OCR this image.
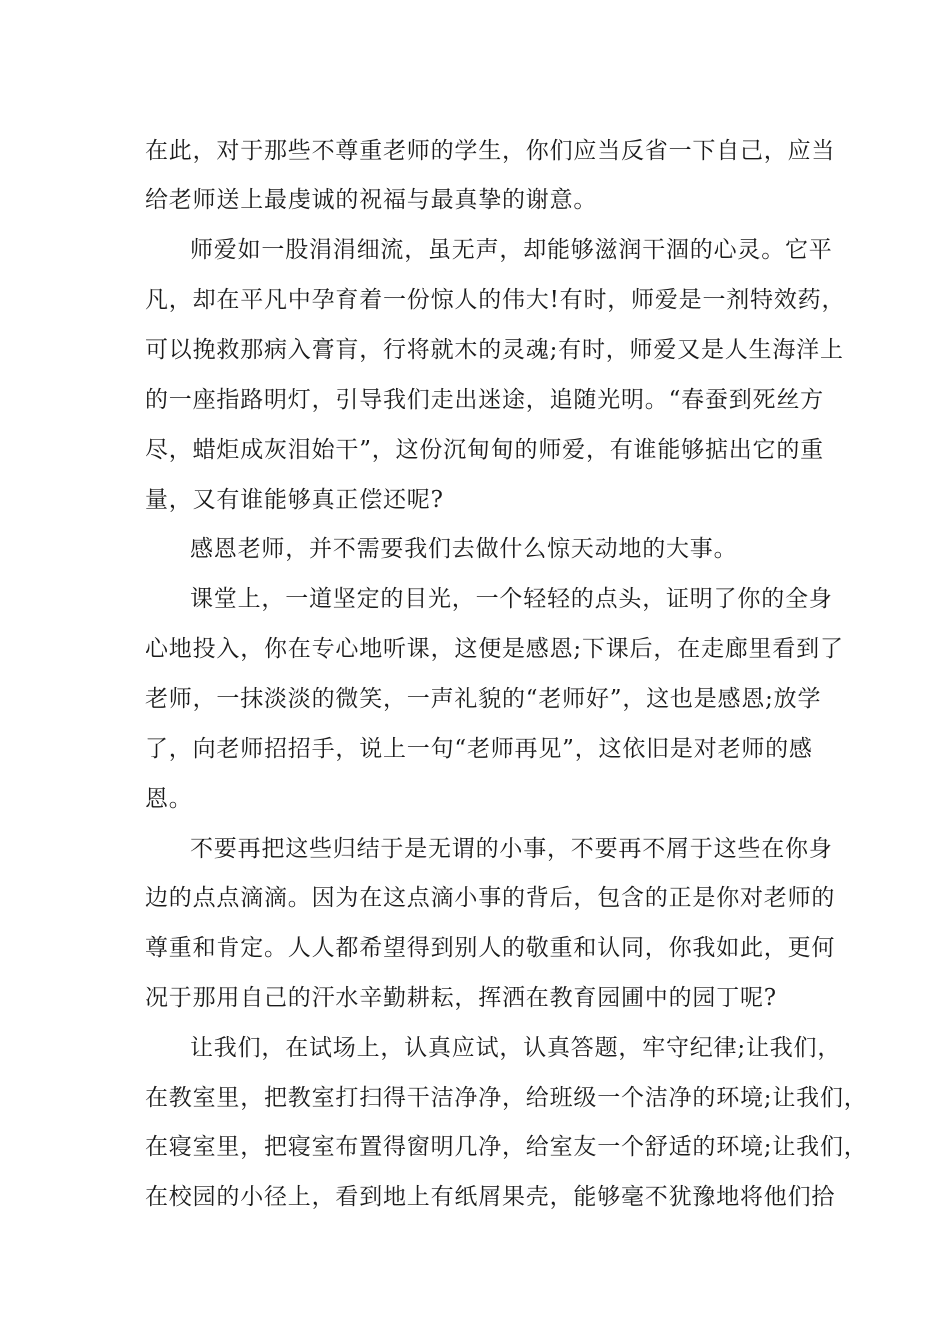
在此，对于那些不尊重老师的学生，你们应当反省一下自己，应当
给老师送上最虔诚的祝福与最真挚的谢意。
师爱如一股涓涓细流，虽无声，却能够滋润干涸的心灵。它平
凡，却在平凡中孕育着一份惊人的伟大!有时，师爱是一剂特效药，
可以挽救那病入膏肓，行将就木的灵魂;有时，师爱又是人生海洋上
的一座指路明灯，引导我们走出迷途，追随光明。“春蚕到死丝方
尽，蜡炬成灰泪始干”，这份沉甸甸的师爱，有谁能够掂出它的重
量，又有谁能够真正偿还呢?
感恩老师，并不需要我们去做什么惊天动地的大事。
课堂上，一道坚定的目光，一个轻轻的点头，证明了你的全身
心地投入，你在专心地听课，这便是感恩;下课后，在走廊里看到了
老师，一抹淡淡的微笑，一声礼貌的“老师好”，这也是感恩;放学
了，向老师招招手，说上一句“老师再见”，这依旧是对老师的感
恩。
不要再把这些归结于是无谓的小事，不要再不屑于这些在你身
边的点点滴滴。因为在这点滴小事的背后，包含的正是你对老师的
尊重和肯定。人人都希望得到别人的敬重和认同，你我如此，更何
况于那用自己的汗水辛勤耕耘，挥洒在教育园圃中的园丁呢?
让我们，在试场上，认真应试，认真答题，牢守纪律;让我们，
在教室里，把教室打扫得干洁净净，给班级一个洁净的环境;让我们，
在寝室里，把寝室布置得窗明几净，给室友一个舒适的环境;让我们，
在校园的小径上，看到地上有纸屑果壳，能够毫不犹豫地将他们拾
